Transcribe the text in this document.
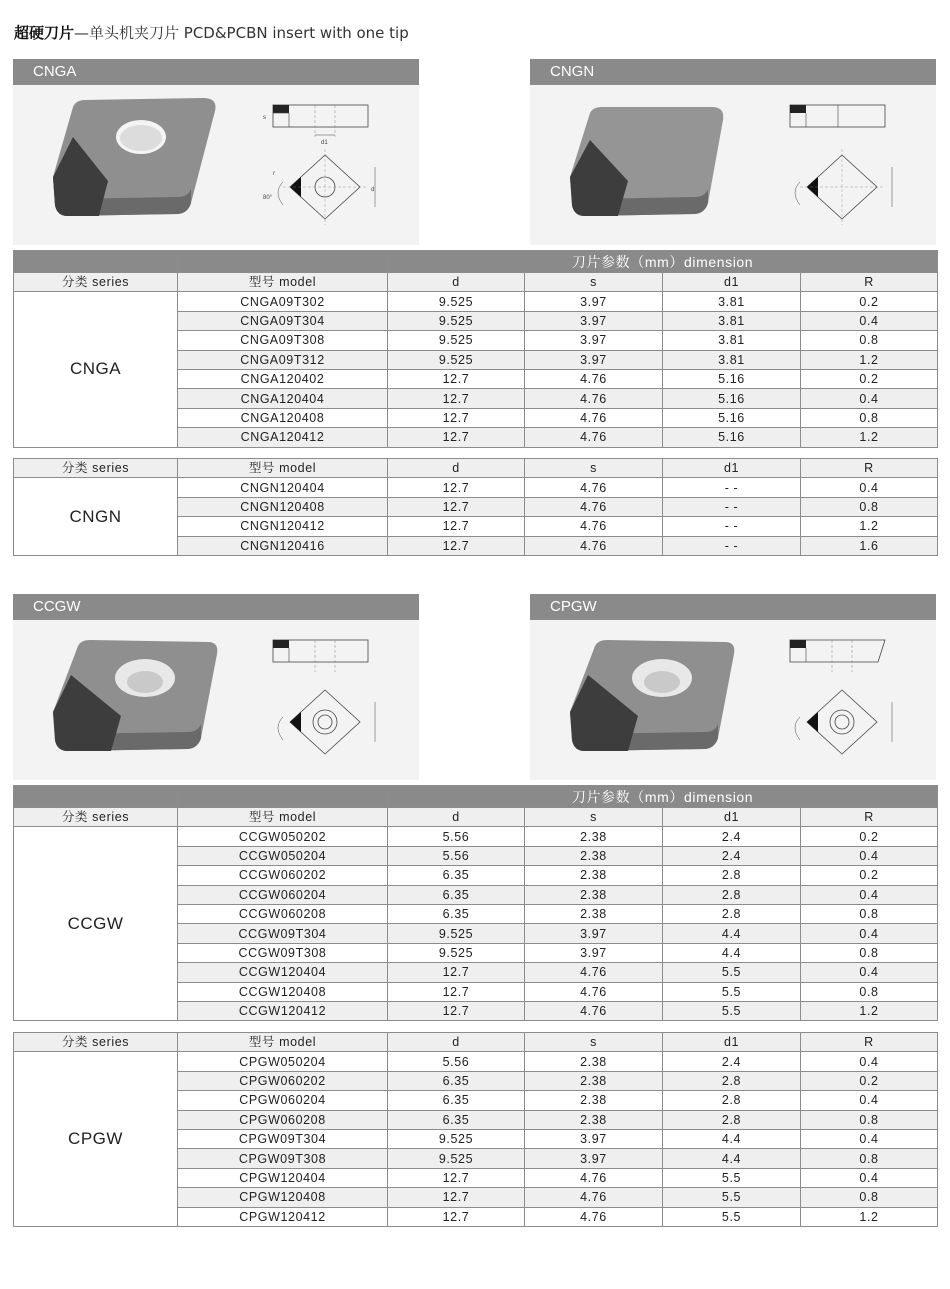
超硬刀片—单头机夹刀片 PCD&PCBN insert with one tip
CNGA
d1
s
d
80°
r
CNGN
CCGW	CPGW
		刀片参数（mm）dimension			
分类 series	型号 model	d	s	d1	R
CNGA	CNGA09T302	9.525	3.97	3.81	0.2
	CNGA09T304	9.525	3.97	3.81	0.4
	CNGA09T308	9.525	3.97	3.81	0.8
	CNGA09T312	9.525	3.97	3.81	1.2
	CNGA120402	12.7	4.76	5.16	0.2
	CNGA120404	12.7	4.76	5.16	0.4
	CNGA120408	12.7	4.76	5.16	0.8
	CNGA120412	12.7	4.76	5.16	1.2
分类 series	型号 model	d	s	d1	R
CNGN	CNGN120404	12.7	4.76	- -	0.4
	CNGN120408	12.7	4.76	- -	0.8
	CNGN120412	12.7	4.76	- -	1.2
	CNGN120416	12.7	4.76	- -	1.6
		刀片参数（mm）dimension			
分类 series	型号 model	d	s	d1	R
CCGW	CCGW050202	5.56	2.38	2.4	0.2
	CCGW050204	5.56	2.38	2.4	0.4
	CCGW060202	6.35	2.38	2.8	0.2
	CCGW060204	6.35	2.38	2.8	0.4
	CCGW060208	6.35	2.38	2.8	0.8
	CCGW09T304	9.525	3.97	4.4	0.4
	CCGW09T308	9.525	3.97	4.4	0.8
	CCGW120404	12.7	4.76	5.5	0.4
	CCGW120408	12.7	4.76	5.5	0.8
	CCGW120412	12.7	4.76	5.5	1.2
分类 series	型号 model	d	s	d1	R
CPGW	CPGW050204	5.56	2.38	2.4	0.4
	CPGW060202	6.35	2.38	2.8	0.2
	CPGW060204	6.35	2.38	2.8	0.4
	CPGW060208	6.35	2.38	2.8	0.8
	CPGW09T304	9.525	3.97	4.4	0.4
	CPGW09T308	9.525	3.97	4.4	0.8
	CPGW120404	12.7	4.76	5.5	0.4
	CPGW120408	12.7	4.76	5.5	0.8
	CPGW120412	12.7	4.76	5.5	1.2
